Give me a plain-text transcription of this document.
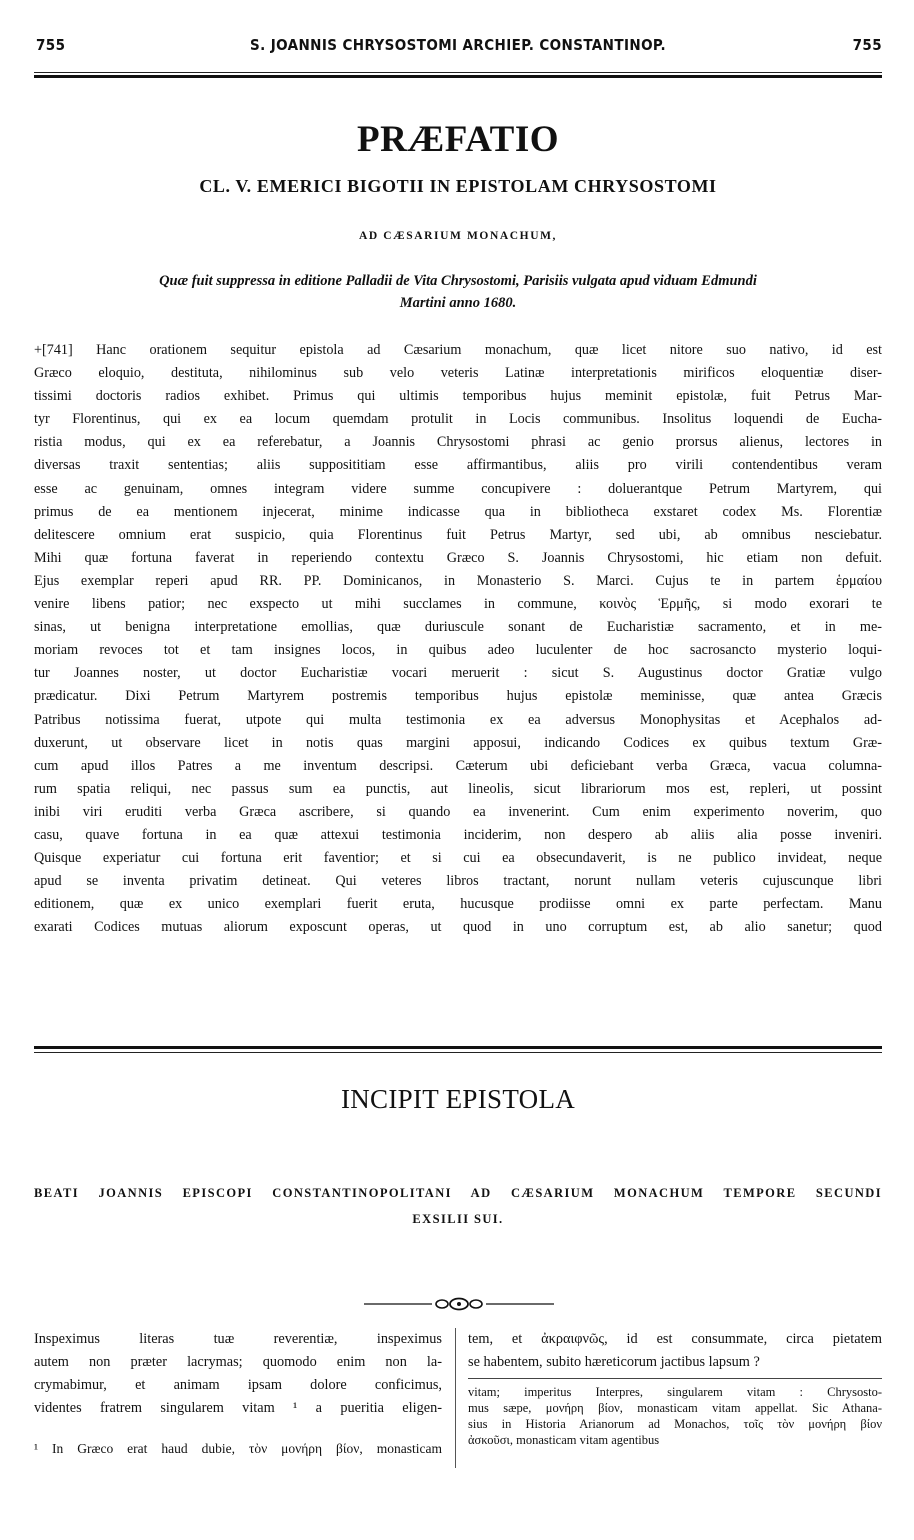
755	S. JOANNIS CHRYSOSTOMI ARCHIEP. CONSTANTINOP.	755
PRÆFATIO
CL. V. EMERICI BIGOTII IN EPISTOLAM CHRYSOSTOMI
AD CÆSARIUM MONACHUM,
Quæ fuit suppressa in editione Palladii de Vita Chrysostomi, Parisiis vulgata apud viduam Edmundi
Martini anno 1680.
+[741] Hanc orationem sequitur epistola ad Cæsarium monachum, quæ licet nitore suo nativo, id est
Græco eloquio, destituta, nihilominus sub velo veteris Latinæ interpretationis mirificos eloquentiæ diser-
tissimi doctoris radios exhibet. Primus qui ultimis temporibus hujus meminit epistolæ, fuit Petrus Mar-
tyr Florentinus, qui ex ea locum quemdam protulit in Locis communibus. Insolitus loquendi de Eucha-
ristia modus, qui ex ea referebatur, a Joannis Chrysostomi phrasi ac genio prorsus alienus, lectores in
diversas traxit sententias; aliis supposititiam esse affirmantibus, aliis pro virili contendentibus veram
esse ac genuinam, omnes integram videre summe concupivere : doluerantque Petrum Martyrem, qui
primus de ea mentionem injecerat, minime indicasse qua in bibliotheca exstaret codex Ms. Florentiæ
delitescere omnium erat suspicio, quia Florentinus fuit Petrus Martyr, sed ubi, ab omnibus nesciebatur.
Mihi quæ fortuna faverat in reperiendo contextu Græco S. Joannis Chrysostomi, hic etiam non defuit.
Ejus exemplar reperi apud RR. PP. Dominicanos, in Monasterio S. Marci. Cujus te in partem ἑρμαίου
venire libens patior; nec exspecto ut mihi succlames in commune, κοινὸς Ἑρμῆς, si modo exorari te
sinas, ut benigna interpretatione emollias, quæ duriuscule sonant de Eucharistiæ sacramento, et in me-
moriam revoces tot et tam insignes locos, in quibus adeo luculenter de hoc sacrosancto mysterio loqui-
tur Joannes noster, ut doctor Eucharistiæ vocari meruerit : sicut S. Augustinus doctor Gratiæ vulgo
prædicatur. Dixi Petrum Martyrem postremis temporibus hujus epistolæ meminisse, quæ antea Græcis
Patribus notissima fuerat, utpote qui multa testimonia ex ea adversus Monophysitas et Acephalos ad-
duxerunt, ut observare licet in notis quas margini apposui, indicando Codices ex quibus textum Græ-
cum apud illos Patres a me inventum descripsi. Cæterum ubi deficiebant verba Græca, vacua columna-
rum spatia reliqui, nec passus sum ea punctis, aut lineolis, sicut librariorum mos est, repleri, ut possint
inibi viri eruditi verba Græca ascribere, si quando ea invenerint. Cum enim experimento noverim, quo
casu, quave fortuna in ea quæ attexui testimonia inciderim, non despero ab aliis alia posse inveniri.
Quisque experiatur cui fortuna erit faventior; et si cui ea obsecundaverit, is ne publico invideat, neque
apud se inventa privatim detineat. Qui veteres libros tractant, norunt nullam veteris cujuscunque libri
editionem, quæ ex unico exemplari fuerit eruta, hucusque prodiisse omni ex parte perfectam. Manu
exarati Codices mutuas aliorum exposcunt operas, ut quod in uno corruptum est, ab alio sanetur; quod
INCIPIT EPISTOLA
BEATI JOANNIS EPISCOPI CONSTANTINOPOLITANI AD CÆSARIUM MONACHUM TEMPORE SECUNDI
EXSILII SUI.
Inspeximus literas tuæ reverentiæ, inspeximus
autem non præter lacrymas; quomodo enim non la-
crymabimur, et animam ipsam dolore conficimus,
videntes fratrem singularem vitam ¹ a pueritia eligen-
tem, et ἀκραιφνῶς, id est consummate, circa pietatem
se habentem, subito hæreticorum jactibus lapsum ?
¹ In Græco erat haud dubie, τὸν μονήρη βίον, monasticam
vitam; imperitus Interpres, singularem vitam : Chrysosto-
mus sæpe, μονήρη βίον, monasticam vitam appellat. Sic Athana-
sius in Historia Arianorum ad Monachos, τοῖς τὸν μονήρη βίον
ἀσκοῦσι, monasticam vitam agentibus
